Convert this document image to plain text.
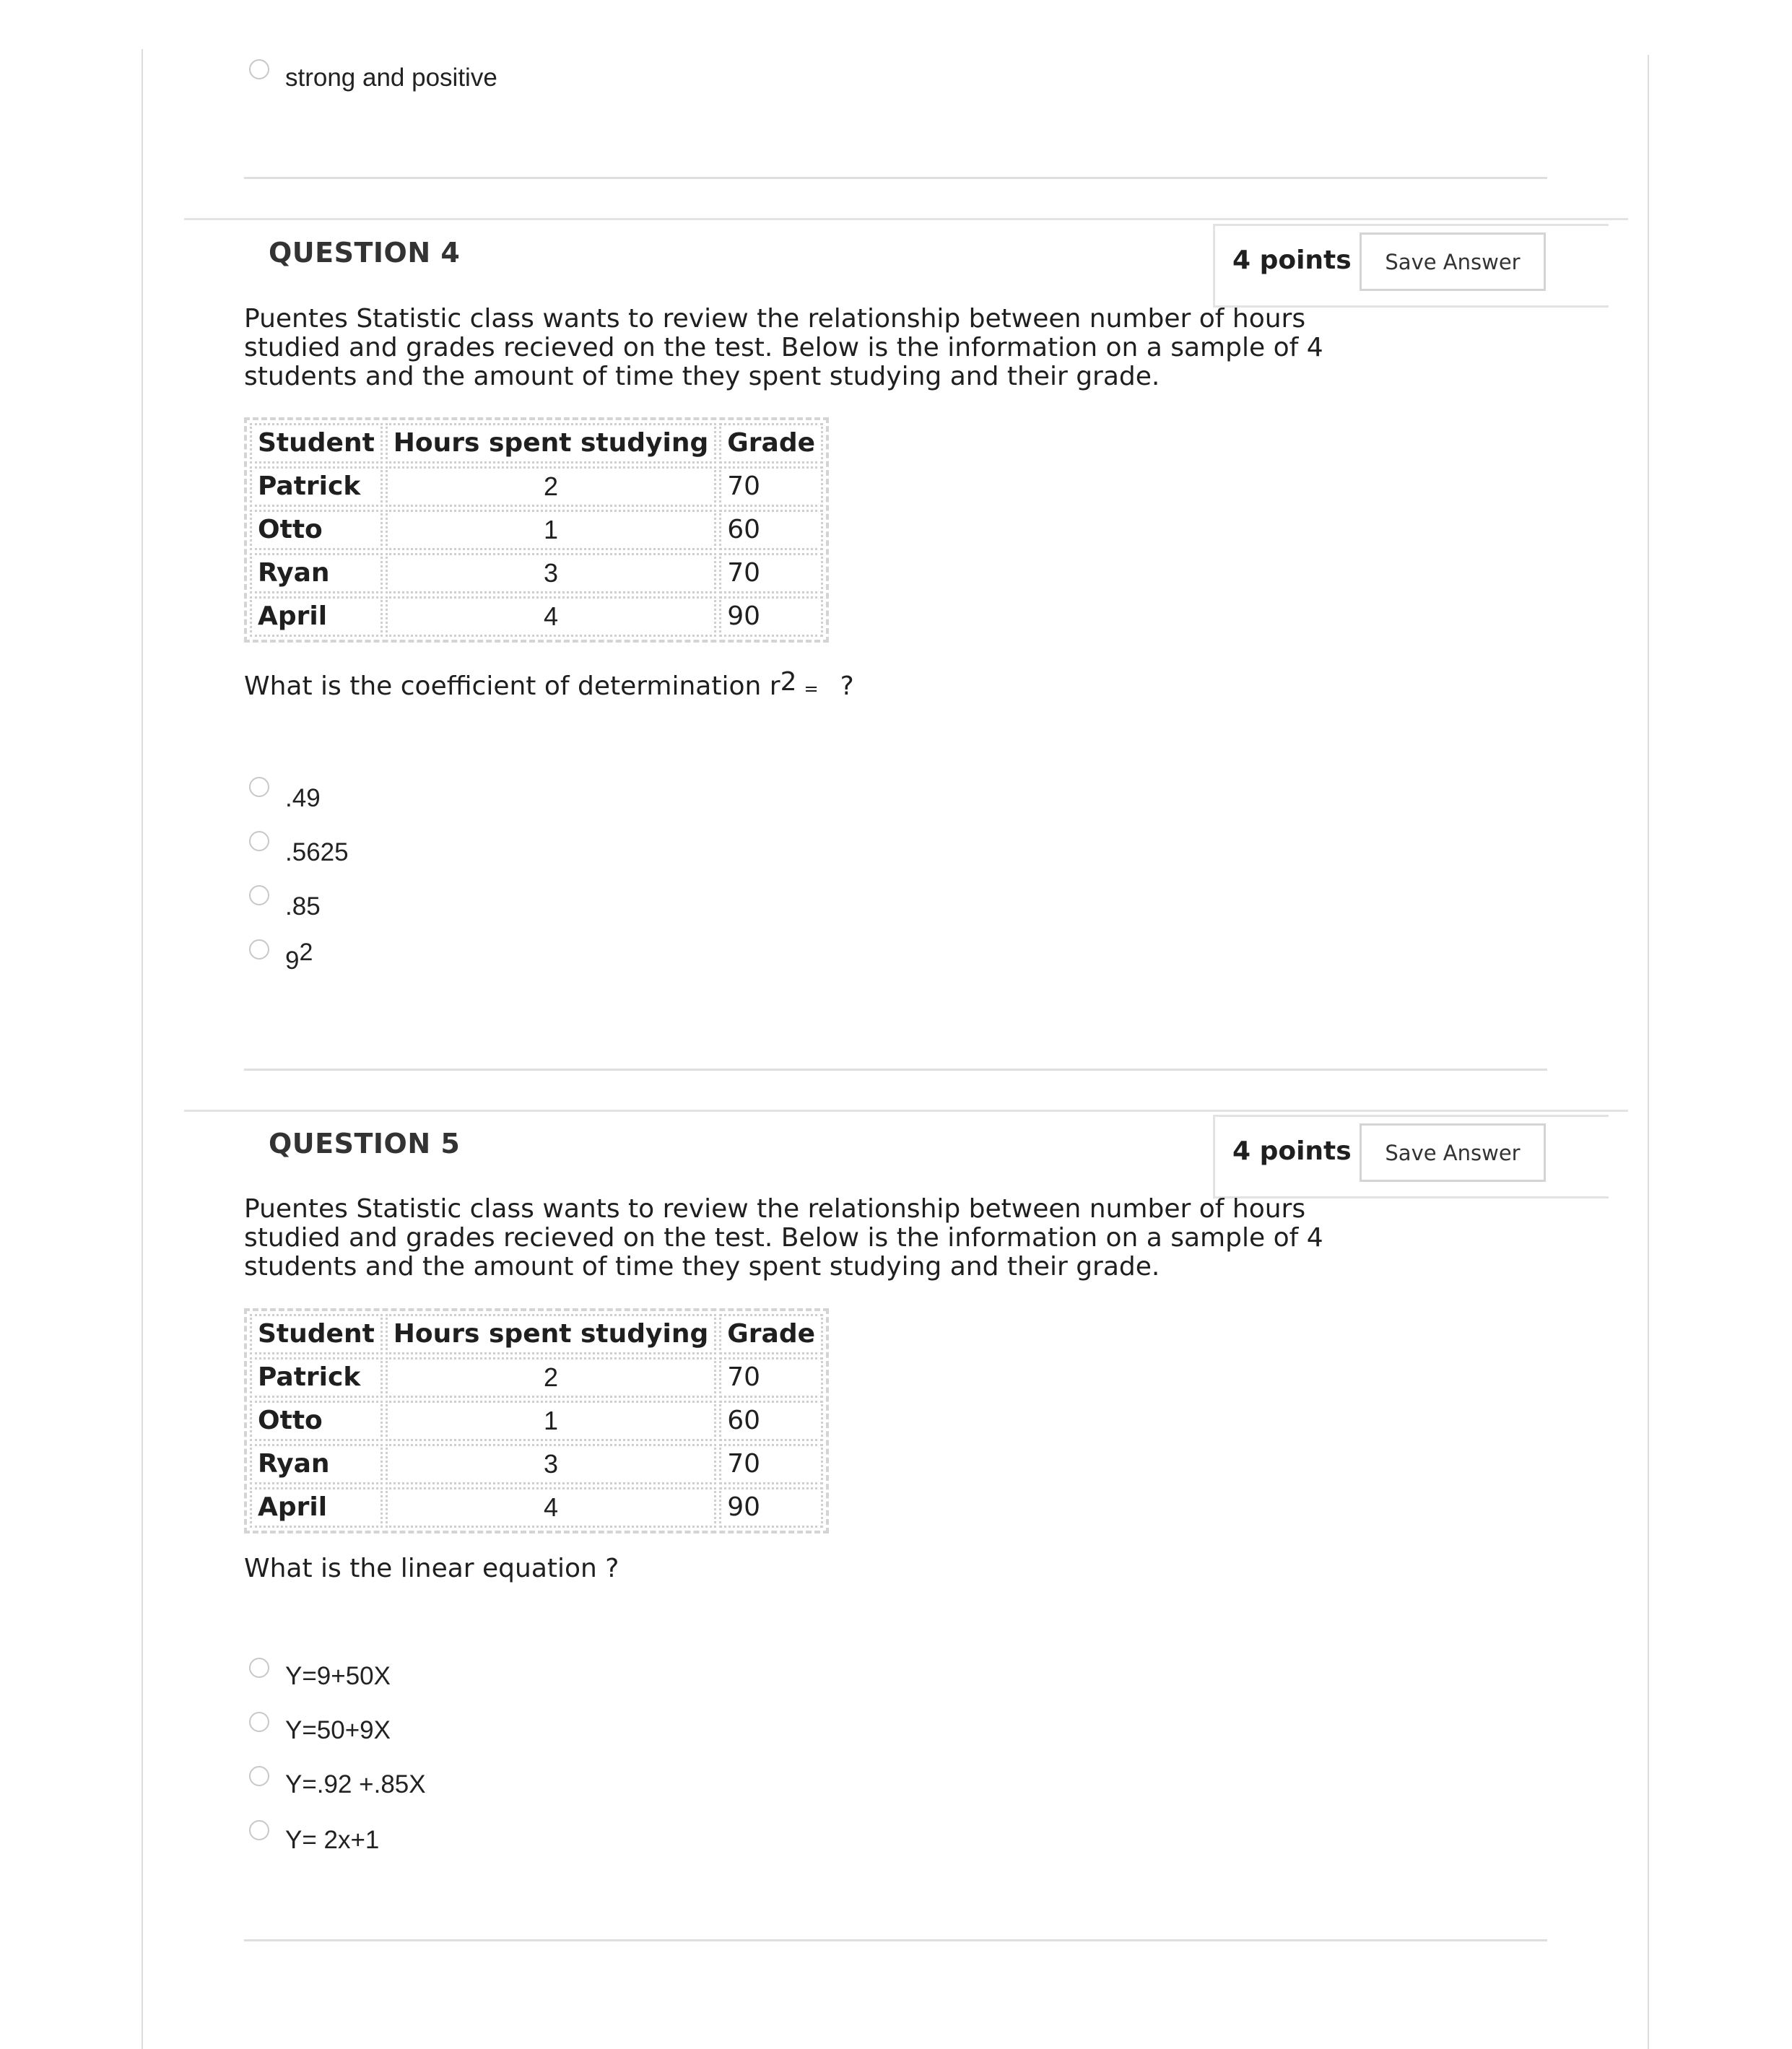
strong and positive
QUESTION 4	4 points	Save Answer
Puentes Statistic class wants to review the relationship between number of hours studied and grades recieved on the test. Below is the information on a sample of 4 students and the amount of time they spent studying and their grade.
Student	Hours spent studying	Grade
Patrick	2	70
Otto	1	60
Ryan	3	70
April	4	90
What is the coefficient of determination $r^2$ = ?
.49
.5625
.85
92
QUESTION 5	4 points	Save Answer
Puentes Statistic class wants to review the relationship between number of hours studied and grades recieved on the test. Below is the information on a sample of 4 students and the amount of time they spent studying and their grade.
Student	Hours spent studying	Grade
Patrick	2	70
Otto	1	60
Ryan	3	70
April	4	90
What is the linear equation ?
Y=9+50X
Y=50+9X
Y=.92 +.85X
Y= 2x+1
